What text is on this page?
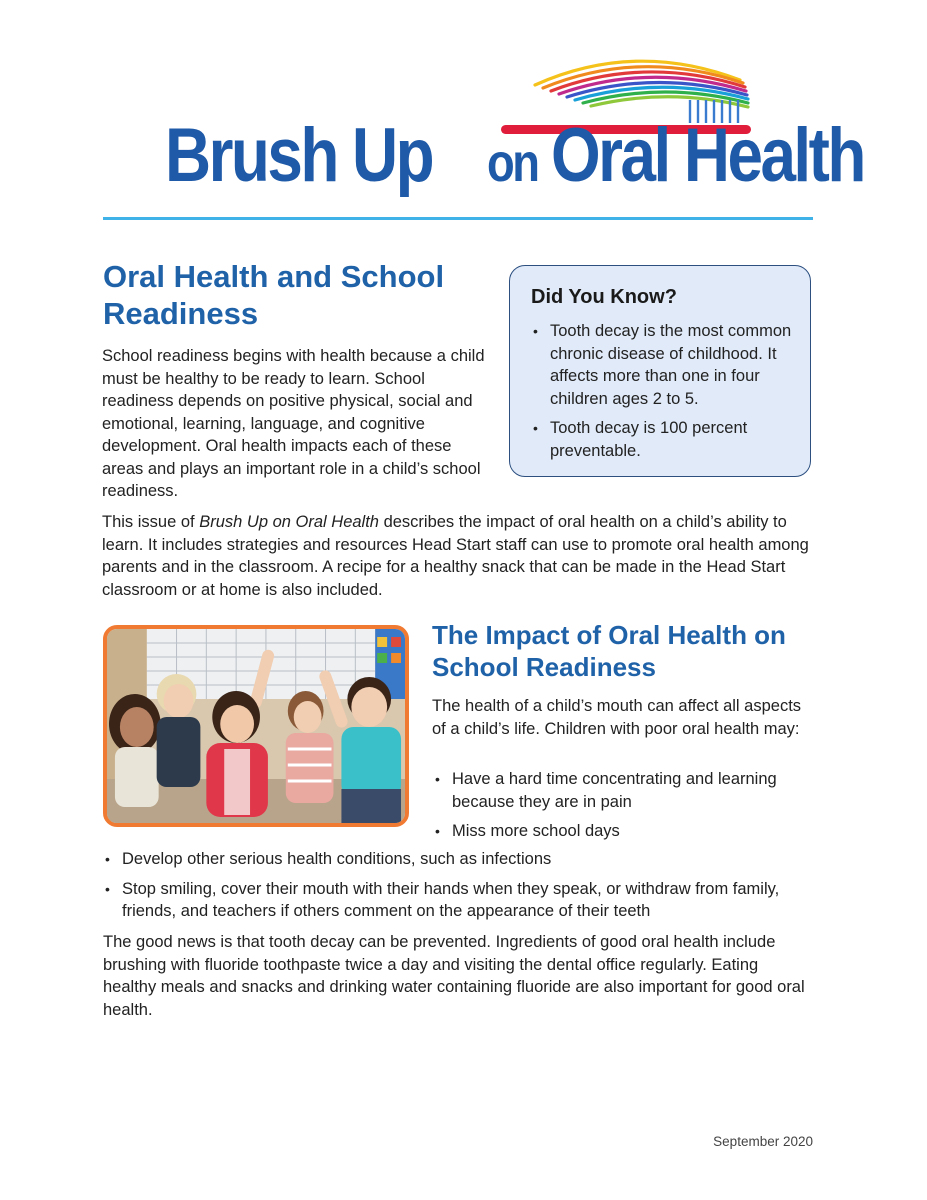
Brush Up on Oral Health
Oral Health and School Readiness

School readiness begins with health because a child must be healthy to be ready to learn. School readiness depends on positive physical, social and emotional, learning, language, and cognitive development. Oral health impacts each of these areas and plays an important role in a child’s school readiness.

Did You Know?
• Tooth decay is the most common chronic disease of childhood. It affects more than one in four children ages 2 to 5.
• Tooth decay is 100 percent preventable.

This issue of Brush Up on Oral Health describes the impact of oral health on a child’s ability to learn. It includes strategies and resources Head Start staff can use to promote oral health among parents and in the classroom. A recipe for a healthy snack that can be made in the Head Start classroom or at home is also included.

The Impact of Oral Health on School Readiness

The health of a child’s mouth can affect all aspects of a child’s life. Children with poor oral health may:

• Have a hard time concentrating and learning because they are in pain
• Miss more school days
• Develop other serious health conditions, such as infections
• Stop smiling, cover their mouth with their hands when they speak, or withdraw from family, friends, and teachers if others comment on the appearance of their teeth

The good news is that tooth decay can be prevented. Ingredients of good oral health include brushing with fluoride toothpaste twice a day and visiting the dental office regularly. Eating healthy meals and snacks and drinking water containing fluoride are also important for good oral health.

September 2020
